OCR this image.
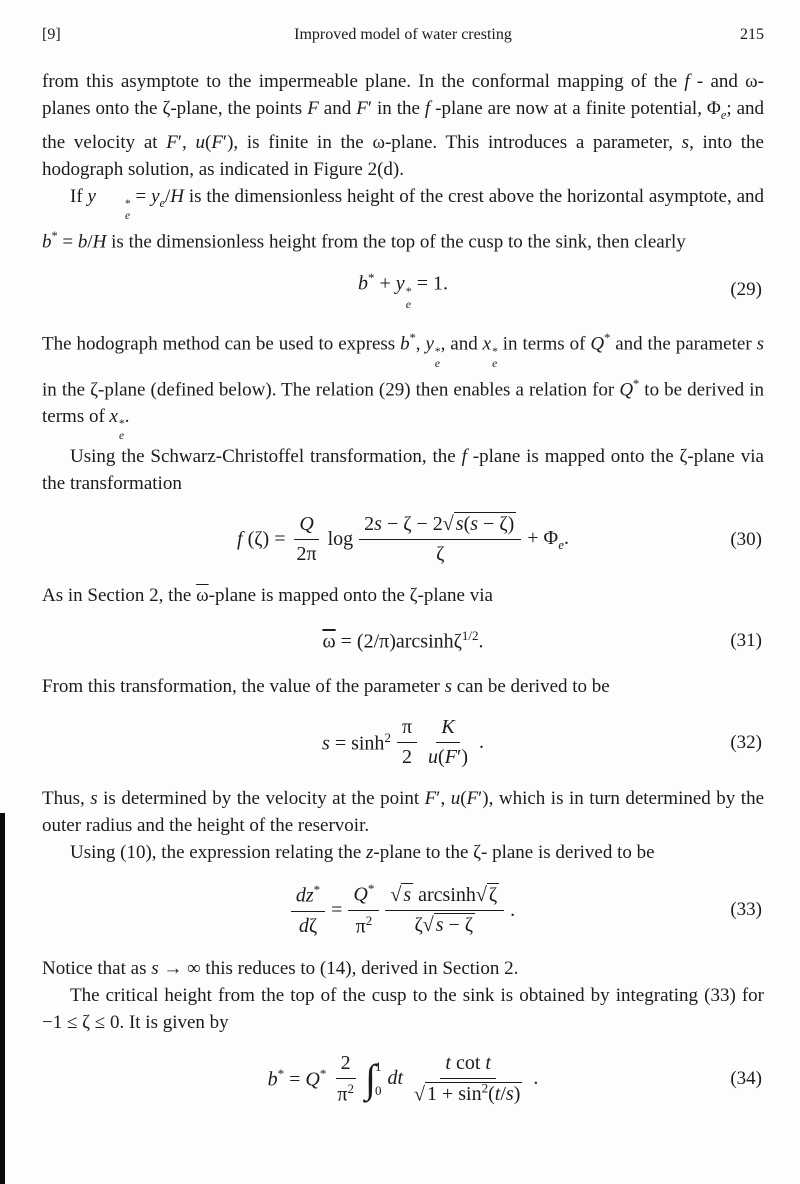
[9]	Improved model of water cresting	215

from this asymptote to the impermeable plane. In the conformal mapping of the f - and ω-planes onto the ζ-plane, the points F and F′ in the f -plane are now at a finite potential, $\Phi_e$; and the velocity at F′, u(F′), is finite in the ω-plane. This introduces a parameter, s, into the hodograph solution, as indicated in Figure 2(d).

If y	*
e
= $y_e/H$ is the dimensionless height of the crest above the horizontal asymptote, and b* = b/H is the dimensionless height from the top of the cusp to the sink, then clearly

b* + y *
e
= 1.	(29)

The hodograph method can be used to express b*, y *
e
, and x *
e
in terms of Q* and the parameter s in the ζ-plane (defined below). The relation (29) then enables a relation for Q* to be derived in terms of x *
e
.

Using the Schwarz-Christoffel transformation, the f -plane is mapped onto the ζ-plane via the transformation

f $(\zeta) = \frac{Q}{2\pi}$ $\log \frac{2s - \zeta - 2√ s(s - \zeta)}{\zeta} + \Phi_e$.	(30)

As in Section 2, the $\overline{\omega}$-plane is mapped onto the ζ-plane via

$\overline{\omega} = (2/\pi)\arcsin h\zeta^{1/2}$.	(31)

From this transformation, the value of the parameter s can be derived to be

$s = \sinh^2 \frac{\pi}{2} \frac{K}{u(F')}$ .	(32)

Thus, s is determined by the velocity at the point F′, u(F′), which is in turn determined by the outer radius and the height of the reservoir.

Using (10), the expression relating the z-plane to the ζ- plane is derived to be

$\frac{dz^*}{d\zeta} = \frac{Q^*}{\pi^2} \frac{\text{√ s arcsinh√ ζ}}{\zeta√ s - \zeta}$ .	(33)

Notice that as s → ∞ this reduces to (14), derived in Section 2.

The critical height from the top of the cusp to the sink is obtained by integrating (33) for −1 ≤ ζ ≤ 0. It is given by

$b^* = Q^* \frac{2}{\pi^2}$ ∫ 1
0
dt $\frac{\text{t cot t}}{√ 1 + \sin^2(t/s)}$ .	(34)
